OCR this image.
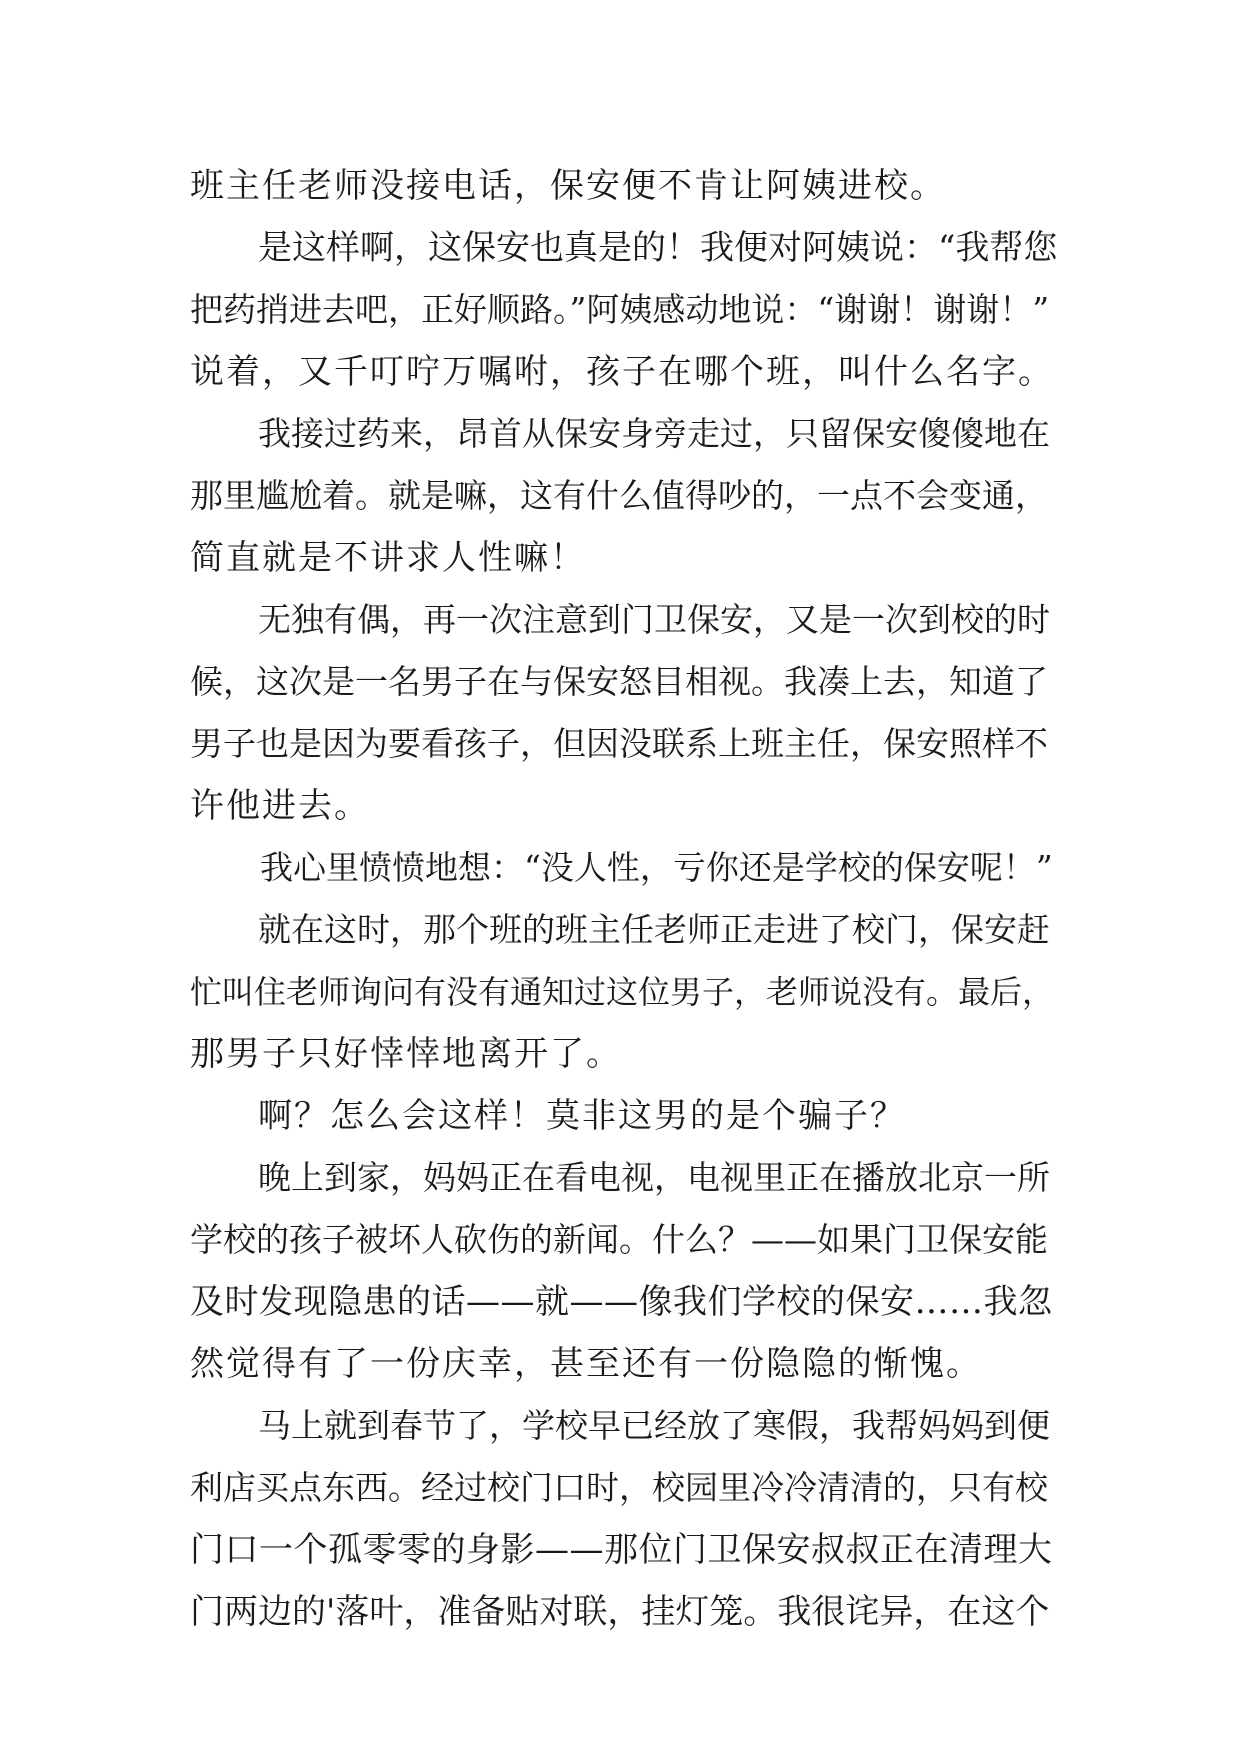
班主任老师没接电话，保安便不肯让阿姨进校。
是这样啊，这保安也真是的！我便对阿姨说：“我帮您
把药捎进去吧，正好顺路。”阿姨感动地说：“谢谢！谢谢！”
说着，又千叮咛万嘱咐，孩子在哪个班，叫什么名字。
我接过药来，昂首从保安身旁走过，只留保安傻傻地在
那里尴尬着。就是嘛，这有什么值得吵的，一点不会变通，
简直就是不讲求人性嘛！
无独有偶，再一次注意到门卫保安，又是一次到校的时
候，这次是一名男子在与保安怒目相视。我凑上去，知道了
男子也是因为要看孩子，但因没联系上班主任，保安照样不
许他进去。
我心里愤愤地想：“没人性，亏你还是学校的保安呢！”
就在这时，那个班的班主任老师正走进了校门，保安赶
忙叫住老师询问有没有通知过这位男子，老师说没有。最后，
那男子只好悻悻地离开了。
啊？怎么会这样！莫非这男的是个骗子？
晚上到家，妈妈正在看电视，电视里正在播放北京一所
学校的孩子被坏人砍伤的新闻。什么？——如果门卫保安能
及时发现隐患的话——就——像我们学校的保安……我忽
然觉得有了一份庆幸，甚至还有一份隐隐的惭愧。
马上就到春节了，学校早已经放了寒假，我帮妈妈到便
利店买点东西。经过校门口时，校园里冷冷清清的，只有校
门口一个孤零零的身影——那位门卫保安叔叔正在清理大
门两边的'落叶，准备贴对联，挂灯笼。我很诧异，在这个
